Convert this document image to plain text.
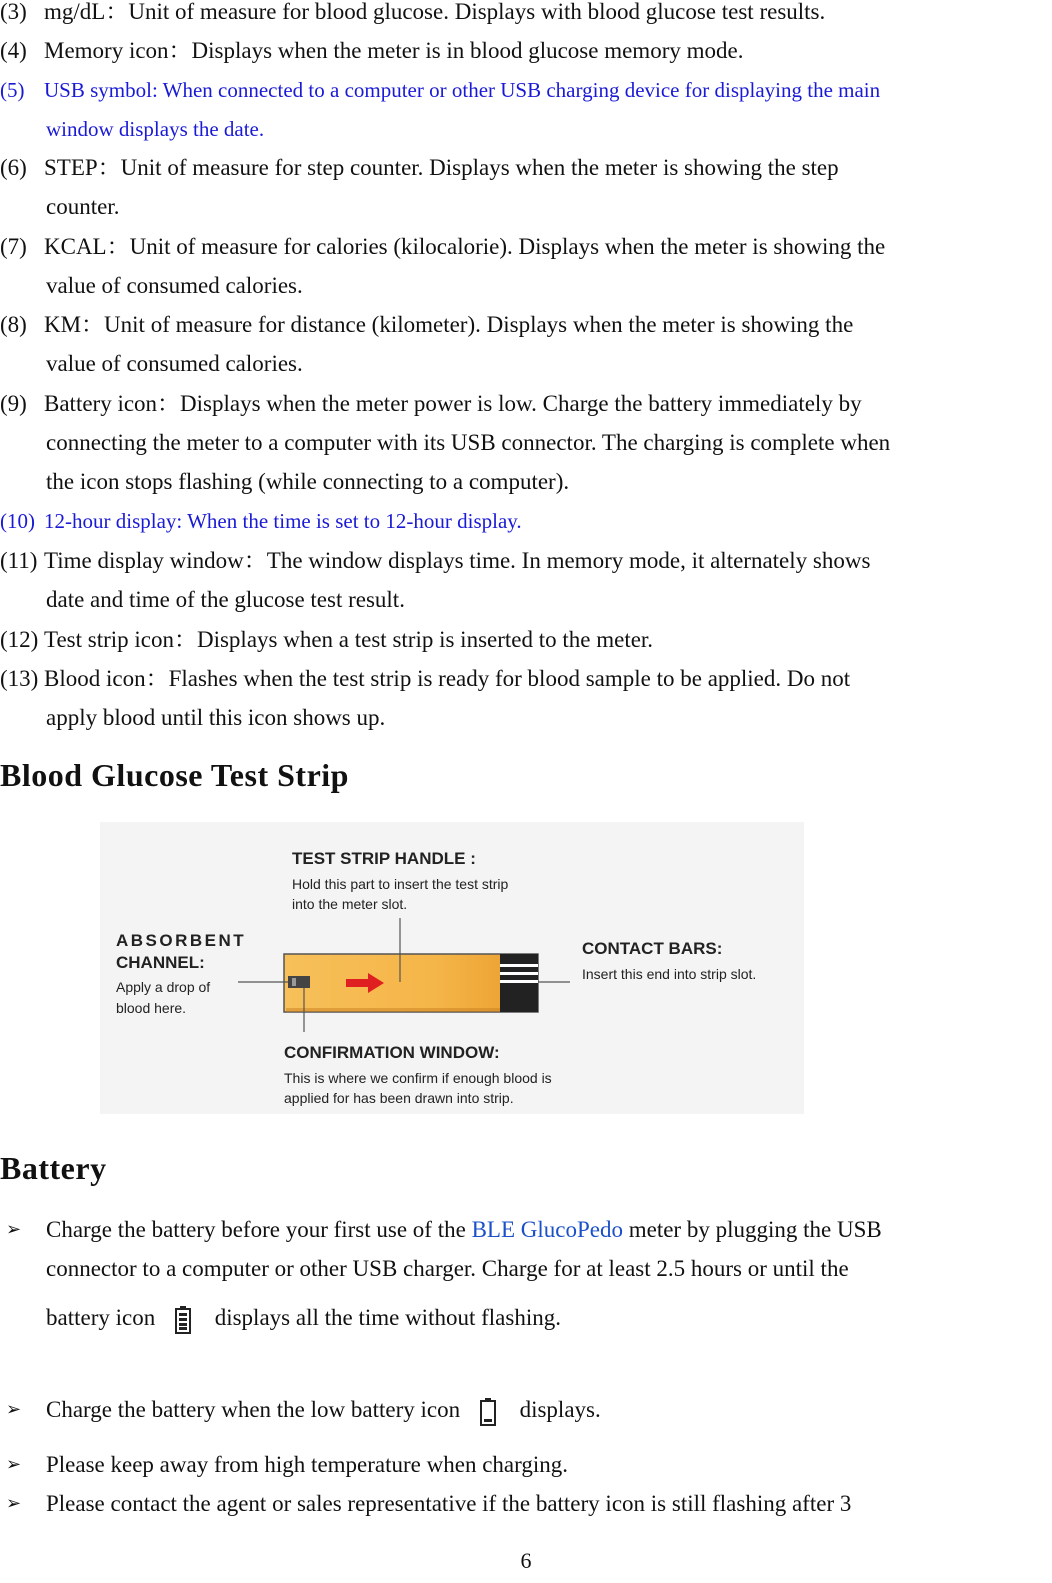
(3) mg/dL：Unit of measure for blood glucose. Displays with blood glucose test results.
(4) Memory icon：Displays when the meter is in blood glucose memory mode.
(5) USB symbol: When connected to a computer or other USB charging device for displaying the main
window displays the date.
(6) STEP：Unit of measure for step counter. Displays when the meter is showing the step
counter.
(7) KCAL：Unit of measure for calories (kilocalorie). Displays when the meter is showing the
value of consumed calories.
(8) KM：Unit of measure for distance (kilometer). Displays when the meter is showing the
value of consumed calories.
(9) Battery icon：Displays when the meter power is low. Charge the battery immediately by
connecting the meter to a computer with its USB connector. The charging is complete when
the icon stops flashing (while connecting to a computer).
(10) 12-hour display: When the time is set to 12-hour display.
(11) Time display window：The window displays time. In memory mode, it alternately shows
date and time of the glucose test result.
(12) Test strip icon：Displays when a test strip is inserted to the meter.
(13) Blood icon：Flashes when the test strip is ready for blood sample to be applied. Do not
apply blood until this icon shows up.
Blood Glucose Test Strip
TEST STRIP HANDLE :
Hold this part to insert the test strip
into the meter slot.
ABSORBENT
CHANNEL:
Apply a drop of
blood here.
CONTACT BARS:
Insert this end into strip slot.
CONFIRMATION WINDOW:
This is where we confirm if enough blood is
applied for has been drawn into strip.
Battery
➢	Charge the battery before your first use of the BLE GlucoPedo meter by plugging the USB
connector to a computer or other USB charger. Charge for at least 2.5 hours or until the
battery icon	displays all the time without flashing.
➢	Charge the battery when the low battery icon	displays.
➢	Please keep away from high temperature when charging.
➢	Please contact the agent or sales representative if the battery icon is still flashing after 3
6
